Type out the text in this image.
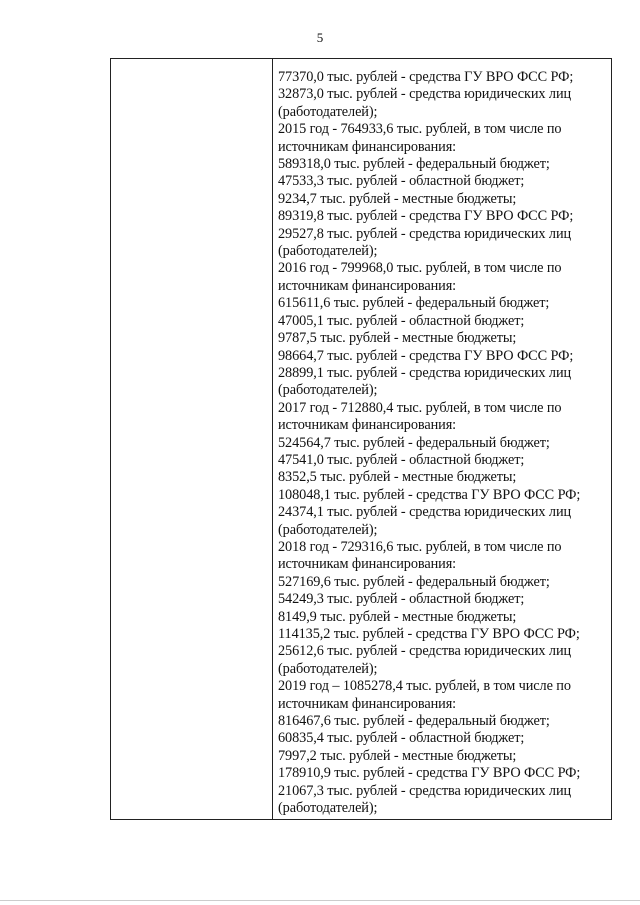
5
77370,0 тыс. рублей - средства ГУ ВРО ФСС РФ;
32873,0 тыс. рублей - средства юридических лиц
(работодателей);
2015 год - 764933,6 тыс. рублей, в том числе по
источникам финансирования:
589318,0 тыс. рублей - федеральный бюджет;
47533,3 тыс. рублей - областной бюджет;
9234,7 тыс. рублей - местные бюджеты;
89319,8 тыс. рублей - средства ГУ ВРО ФСС РФ;
29527,8 тыс. рублей - средства юридических лиц
(работодателей);
2016 год - 799968,0 тыс. рублей, в том числе по
источникам финансирования:
615611,6 тыс. рублей - федеральный бюджет;
47005,1 тыс. рублей - областной бюджет;
9787,5 тыс. рублей - местные бюджеты;
98664,7 тыс. рублей - средства ГУ ВРО ФСС РФ;
28899,1 тыс. рублей - средства юридических лиц
(работодателей);
2017 год - 712880,4 тыс. рублей, в том числе по
источникам финансирования:
524564,7 тыс. рублей - федеральный бюджет;
47541,0 тыс. рублей - областной бюджет;
8352,5 тыс. рублей - местные бюджеты;
108048,1 тыс. рублей - средства ГУ ВРО ФСС РФ;
24374,1 тыс. рублей - средства юридических лиц
(работодателей);
2018 год - 729316,6 тыс. рублей, в том числе по
источникам финансирования:
527169,6 тыс. рублей - федеральный бюджет;
54249,3 тыс. рублей - областной бюджет;
8149,9 тыс. рублей - местные бюджеты;
114135,2 тыс. рублей - средства ГУ ВРО ФСС РФ;
25612,6 тыс. рублей - средства юридических лиц
(работодателей);
2019 год – 1085278,4 тыс. рублей, в том числе по
источникам финансирования:
816467,6 тыс. рублей - федеральный бюджет;
60835,4 тыс. рублей - областной бюджет;
7997,2 тыс. рублей - местные бюджеты;
178910,9 тыс. рублей - средства ГУ ВРО ФСС РФ;
21067,3 тыс. рублей - средства юридических лиц
(работодателей);
